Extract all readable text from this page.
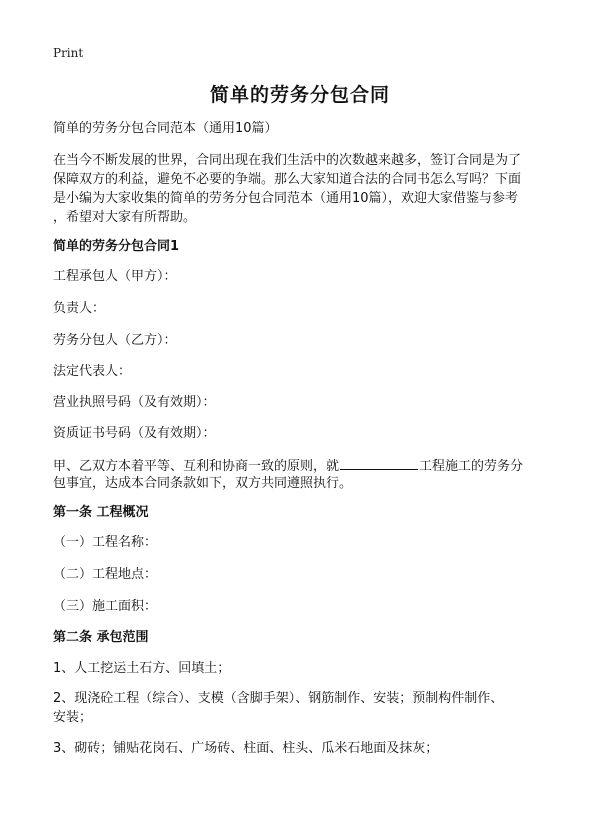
Print
简单的劳务分包合同
简单的劳务分包合同范本（通用10篇）
在当今不断发展的世界，合同出现在我们生活中的次数越来越多，签订合同是为了
保障双方的利益，避免不必要的争端。那么大家知道合法的合同书怎么写吗？下面
是小编为大家收集的简单的劳务分包合同范本（通用10篇），欢迎大家借鉴与参考
，希望对大家有所帮助。
简单的劳务分包合同1
工程承包人（甲方）：
负责人：
劳务分包人（乙方）：
法定代表人：
营业执照号码（及有效期）：
资质证书号码（及有效期）：
甲、乙双方本着平等、互利和协商一致的原则，就	工程施工的劳务分
包事宜，达成本合同条款如下，双方共同遵照执行。
第一条 工程概况
（一）工程名称：
（二）工程地点：
（三）施工面积：
第二条 承包范围
1、人工挖运土石方、回填土；
2、现浇砼工程（综合）、支模（含脚手架）、钢筋制作、安装；预制构件制作、
安装；
3、砌砖；铺贴花岗石、广场砖、柱面、柱头、瓜米石地面及抹灰；
